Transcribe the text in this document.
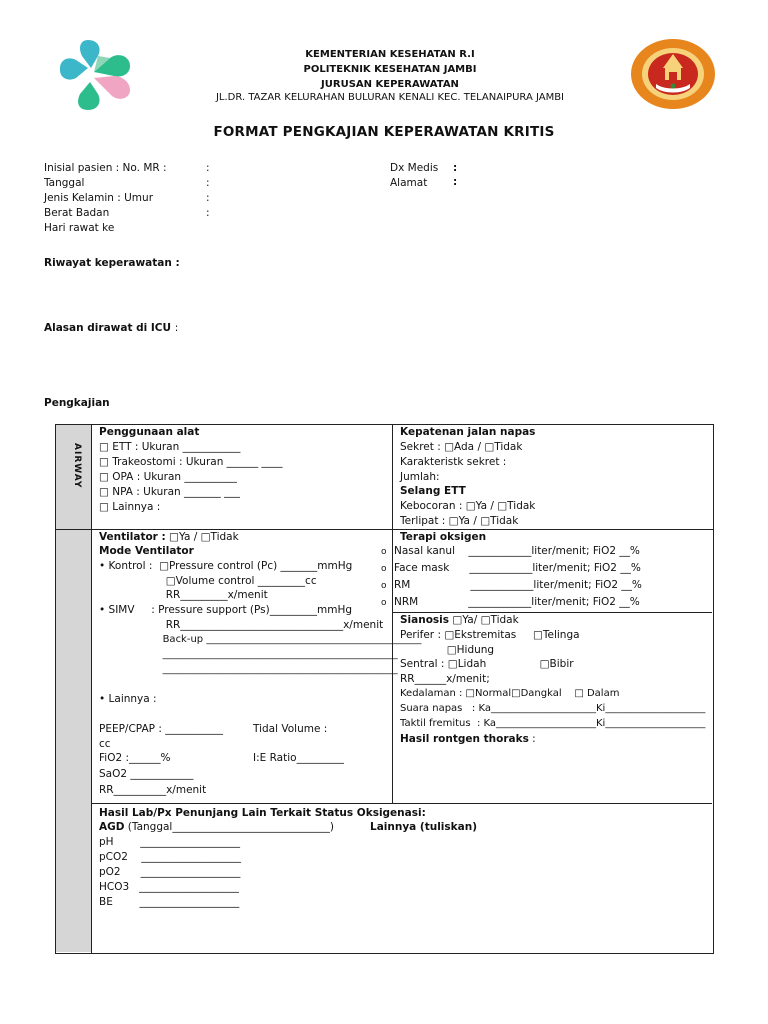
KEMENTERIAN KESEHATAN R.I
POLITEKNIK KESEHATAN JAMBI
JURUSAN KEPERAWATAN
JL.DR. TAZAR KELURAHAN BULURAN KENALI KEC. TELANAIPURA JAMBI
FORMAT PENGKAJIAN KEPERAWATAN KRITIS
Inisial pasien : No. MR :	:
Tanggal	:
Jenis Kelamin : Umur	:
Berat Badan	:
Hari rawat ke
Dx Medis :
Alamat :
Riwayat keperawatan :
Alasan dirawat di ICU :
Pengkajian
AIRWAY
Penggunaan alat
□ ETT : Ukuran ___________
□ Trakeostomi : Ukuran ______ ____
□ OPA : Ukuran __________
□ NPA : Ukuran _______ ___
□ Lainnya :
Kepatenan jalan napas
Sekret : □Ada / □Tidak
Karakteristk sekret :
Jumlah:
Selang ETT
Kebocoran : □Ya / □Tidak
Terlipat : □Ya / □Tidak
Ventilator : □Ya / □Tidak
Mode Ventilator
• Kontrol :  □Pressure control (Pc) _______mmHg
□Volume control _________cc
RR_________x/menit
• SIMV     : Pressure support (Ps)_________mmHg
RR_______________________________x/menit
Back-up ___________________________________________
_______________________________________________
_______________________________________________
• Lainnya :
PEEP/CPAP : ___________	Tidal Volume :
cc
FiO2 :______%	I:E Ratio_________
SaO2 ____________
RR__________x/menit
Terapi oksigen
o Nasal kanul    ____________liter/menit; FiO2 __%
o Face mask      ____________liter/menit; FiO2 __%
o RM                  ____________liter/menit; FiO2 __%
o NRM               ____________liter/menit; FiO2 __%
Sianosis □Ya/ □Tidak
Perifer : □Ekstremitas     □Telinga
□Hidung
Sentral : □Lidah                □Bibir
RR______x/menit;
Kedalaman : □Normal□Dangkal    □ Dalam
Suara napas   : Ka_____________________Ki____________________
Taktil fremitus  : Ka____________________Ki____________________
Hasil rontgen thoraks :
Hasil Lab/Px Penunjang Lain Terkait Status Oksigenasi:
AGD (Tanggal______________________________)	Lainnya (tuliskan)
pH        ___________________
pCO2    ___________________
pO2      ___________________
HCO3   ___________________
BE        ___________________
